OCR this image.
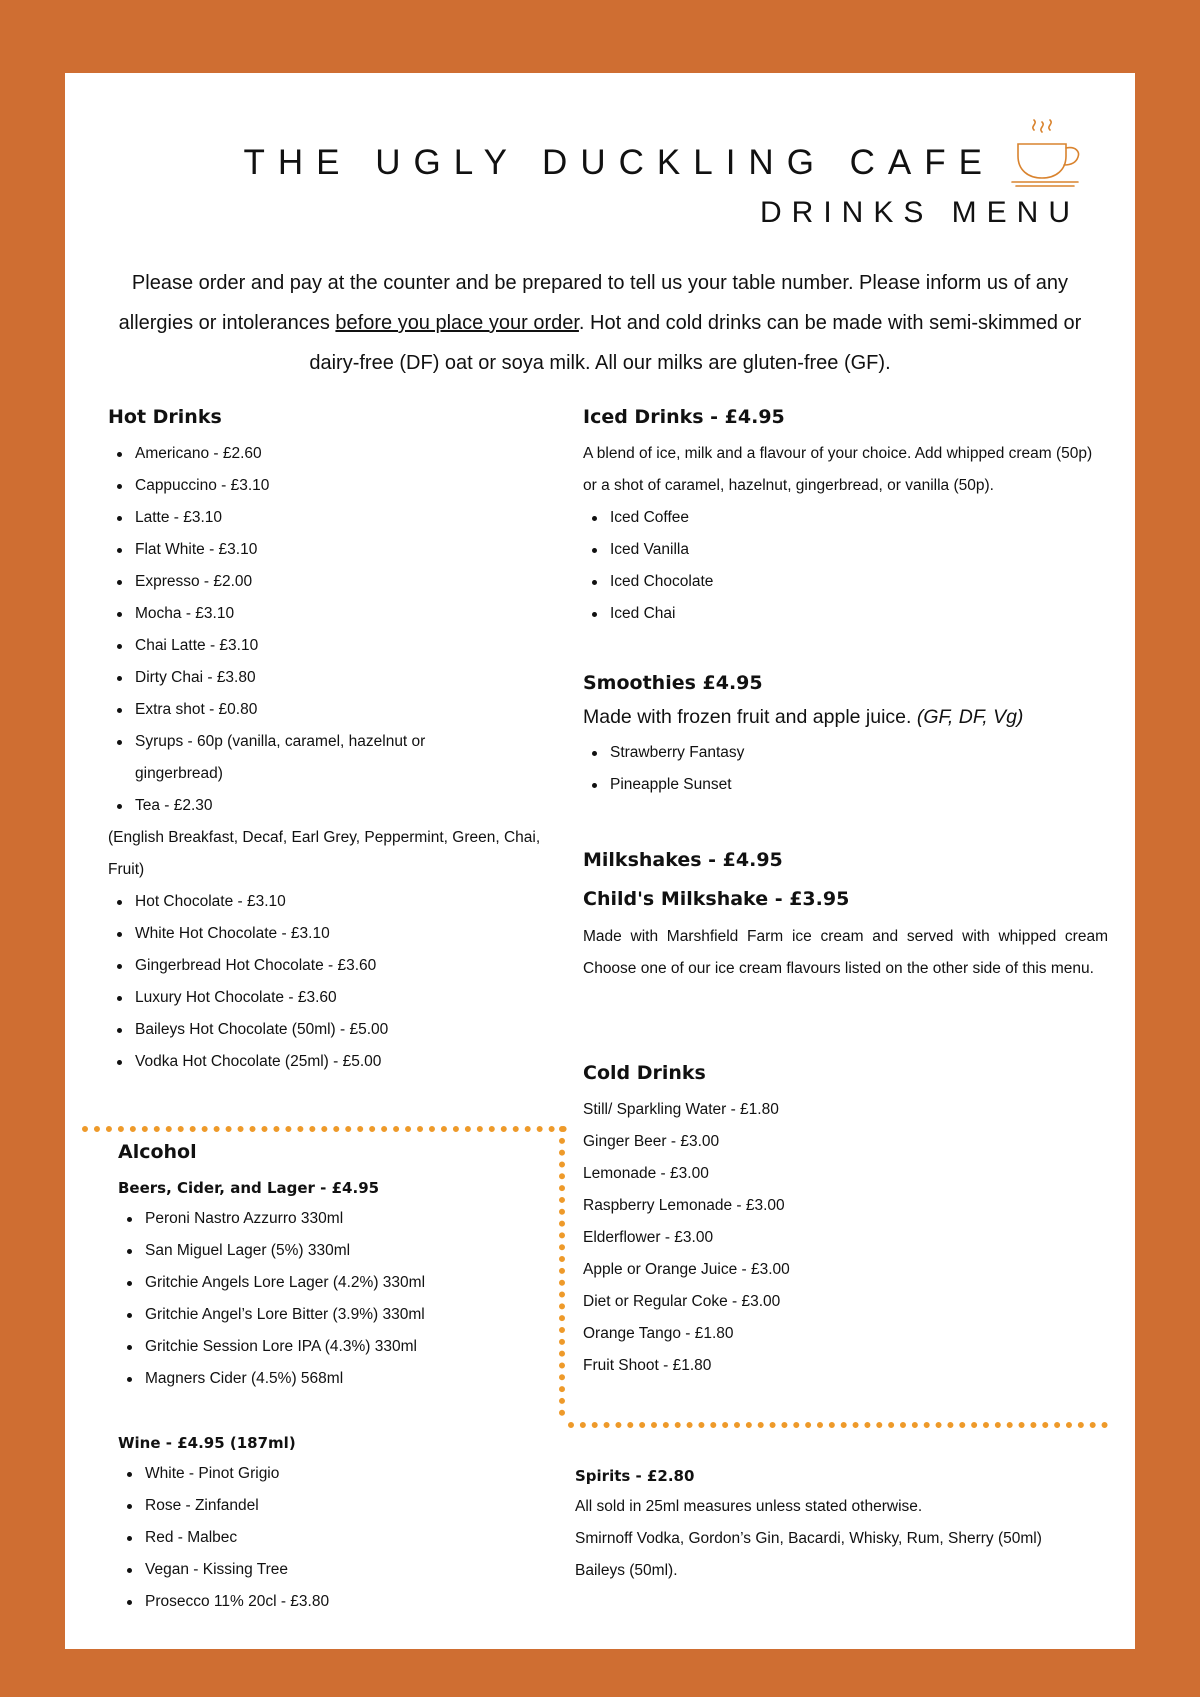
THE UGLY DUCKLING CAFE
DRINKS MENU
Please order and pay at the counter and be prepared to tell us your table number. Please inform us of any allergies or intolerances before you place your order. Hot and cold drinks can be made with semi-skimmed or dairy-free (DF) oat or soya milk. All our milks are gluten-free (GF).
Hot Drinks
Americano - £2.60
Cappuccino - £3.10
Latte - £3.10
Flat White - £3.10
Expresso - £2.00
Mocha - £3.10
Chai Latte - £3.10
Dirty Chai - £3.80
Extra shot - £0.80
Syrups - 60p (vanilla, caramel, hazelnut or gingerbread)
Tea - £2.30
(English Breakfast, Decaf, Earl Grey, Peppermint, Green, Chai, Fruit)
Hot Chocolate - £3.10
White Hot Chocolate - £3.10
Gingerbread Hot Chocolate - £3.60
Luxury Hot Chocolate - £3.60
Baileys Hot Chocolate (50ml) - £5.00
Vodka Hot Chocolate (25ml) - £5.00
Iced Drinks - £4.95
A blend of ice, milk and a flavour of your choice. Add whipped cream (50p) or a shot of caramel, hazelnut, gingerbread, or vanilla (50p).
Iced Coffee
Iced Vanilla
Iced Chocolate
Iced Chai
Smoothies £4.95
Made with frozen fruit and apple juice. (GF, DF, Vg)
Strawberry Fantasy
Pineapple Sunset
Milkshakes - £4.95
Child's Milkshake - £3.95
Made with Marshfield Farm ice cream and served with whipped cream Choose one of our ice cream flavours listed on the other side of this menu.
Cold Drinks
Still/ Sparkling Water - £1.80
Ginger Beer - £3.00
Lemonade - £3.00
Raspberry Lemonade - £3.00
Elderflower - £3.00
Apple or Orange Juice - £3.00
Diet or Regular Coke - £3.00
Orange Tango - £1.80
Fruit Shoot - £1.80
Alcohol
Beers, Cider, and Lager - £4.95
Peroni Nastro Azzurro 330ml
San Miguel Lager (5%) 330ml
Gritchie Angels Lore Lager (4.2%) 330ml
Gritchie Angel’s Lore Bitter (3.9%) 330ml
Gritchie Session Lore IPA (4.3%) 330ml
Magners Cider (4.5%) 568ml
Wine - £4.95 (187ml)
White - Pinot Grigio
Rose - Zinfandel
Red - Malbec
Vegan - Kissing Tree
Prosecco 11% 20cl - £3.80
Spirits - £2.80
All sold in 25ml measures unless stated otherwise.
Smirnoff Vodka, Gordon’s Gin, Bacardi, Whisky, Rum, Sherry (50ml)
Baileys (50ml).
